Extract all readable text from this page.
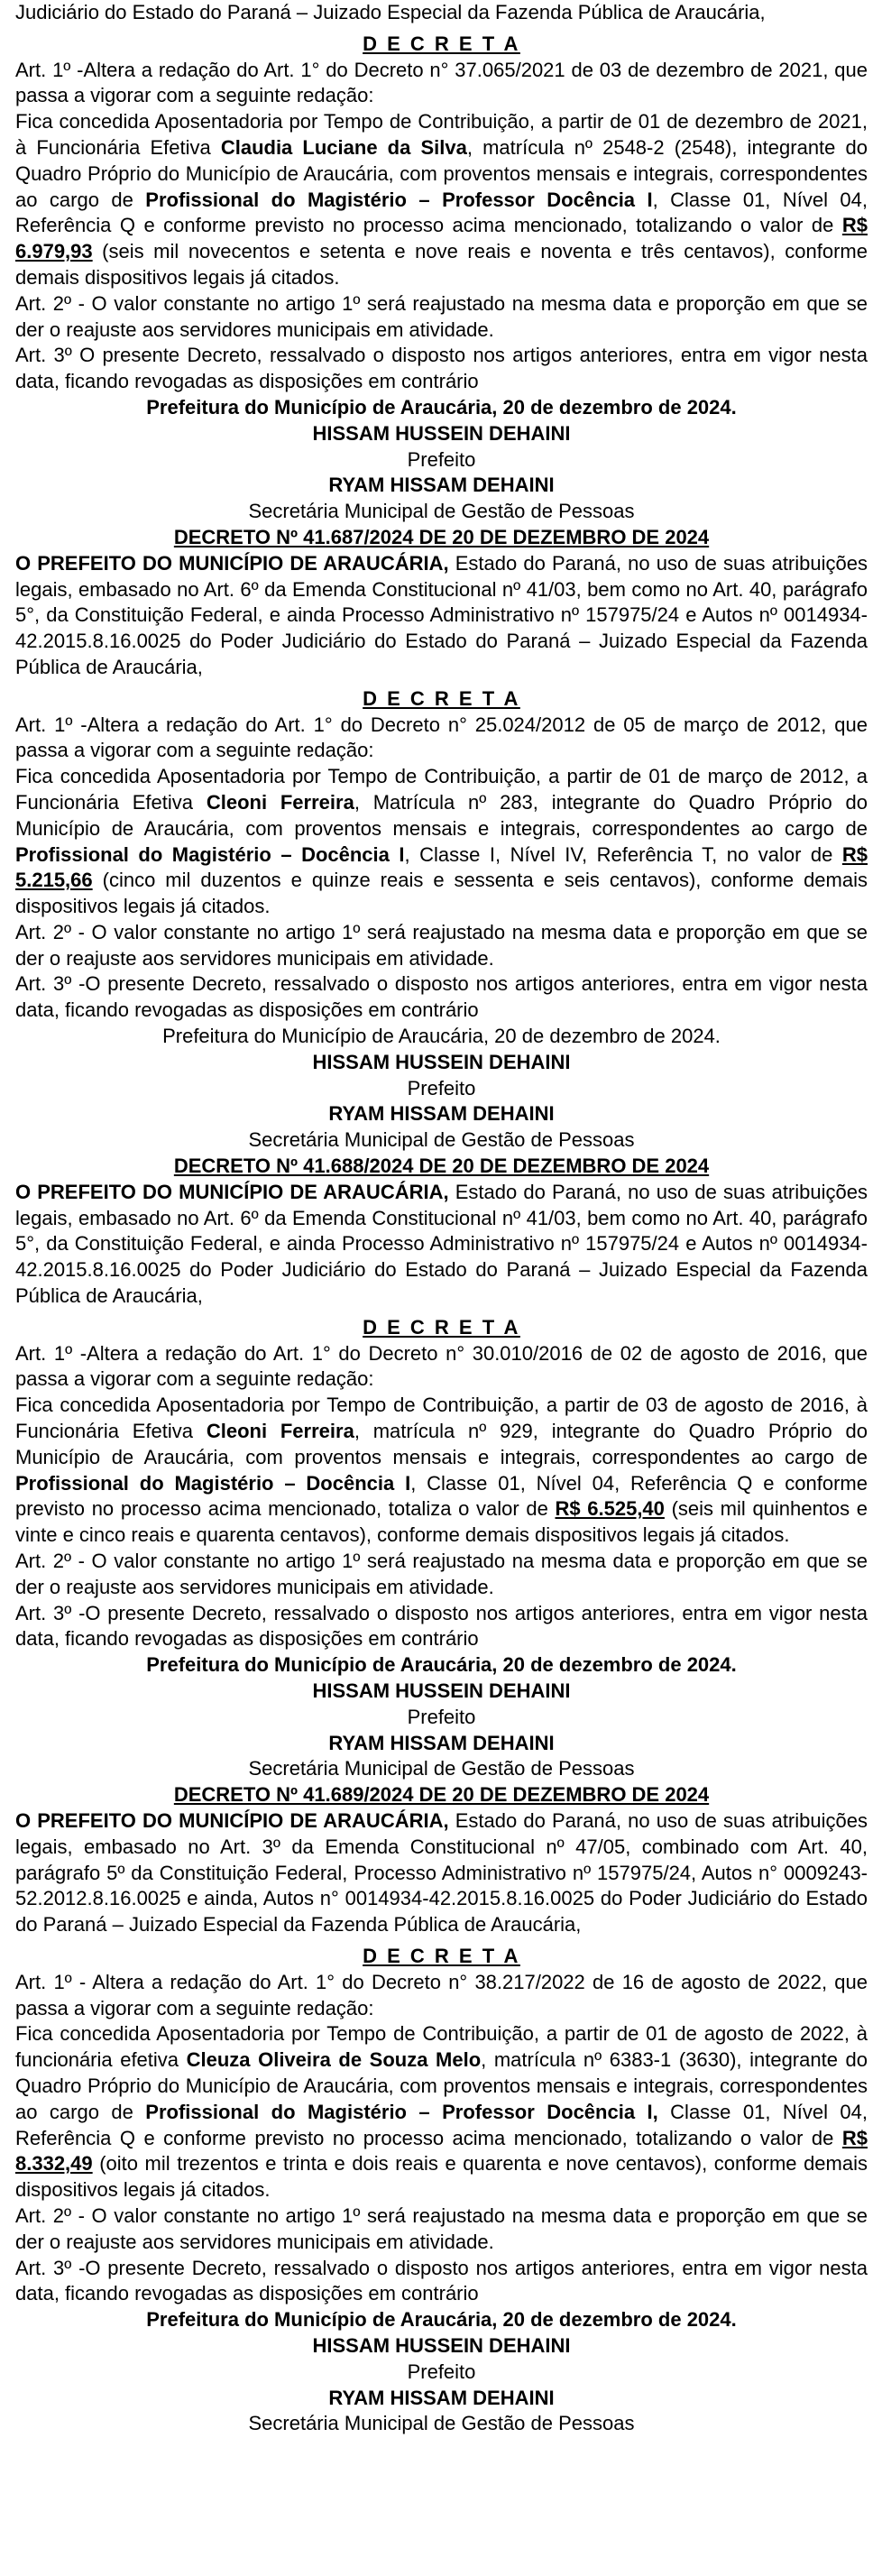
Judiciário do Estado do Paraná – Juizado Especial da Fazenda Pública de Araucária,

D E C R E T A

Art. 1º -Altera a redação do Art. 1° do Decreto n° 37.065/2021 de 03 de dezembro de 2021, que passa a vigorar com a seguinte redação:

Fica concedida Aposentadoria por Tempo de Contribuição, a partir de 01 de dezembro de 2021, à Funcionária Efetiva Claudia Luciane da Silva, matrícula nº 2548-2 (2548), integrante do Quadro Próprio do Município de Araucária, com proventos mensais e integrais, correspondentes ao cargo de Profissional do Magistério – Professor Docência I, Classe 01, Nível 04, Referência Q e conforme previsto no processo acima mencionado, totalizando o valor de R$ 6.979,93 (seis mil novecentos e setenta e nove reais e noventa e três centavos), conforme demais dispositivos legais já citados.

Art. 2º - O valor constante no artigo 1º será reajustado na mesma data e proporção em que se der o reajuste aos servidores municipais em atividade.

Art. 3º O presente Decreto, ressalvado o disposto nos artigos anteriores, entra em vigor nesta data, ficando revogadas as disposições em contrário

Prefeitura do Município de Araucária, 20 de dezembro de 2024.

HISSAM HUSSEIN DEHAINI

Prefeito

RYAM HISSAM DEHAINI

Secretária Municipal de Gestão de Pessoas

DECRETO Nº 41.687/2024 DE 20 DE DEZEMBRO DE 2024

O PREFEITO DO MUNICÍPIO DE ARAUCÁRIA, Estado do Paraná, no uso de suas atribuições legais, embasado no Art. 6º da Emenda Constitucional nº 41/03, bem como no Art. 40, parágrafo 5°, da Constituição Federal, e ainda Processo Administrativo nº 157975/24 e Autos nº 0014934-42.2015.8.16.0025 do Poder Judiciário do Estado do Paraná – Juizado Especial da Fazenda Pública de Araucária,

D E C R E T A

Art. 1º -Altera a redação do Art. 1° do Decreto n° 25.024/2012 de 05 de março de 2012, que passa a vigorar com a seguinte redação:

Fica concedida Aposentadoria por Tempo de Contribuição, a partir de 01 de março de 2012, a Funcionária Efetiva Cleoni Ferreira, Matrícula nº 283, integrante do Quadro Próprio do Município de Araucária, com proventos mensais e integrais, correspondentes ao cargo de Profissional do Magistério – Docência I, Classe I, Nível IV, Referência T, no valor de R$ 5.215,66 (cinco mil duzentos e quinze reais e sessenta e seis centavos), conforme demais dispositivos legais já citados.

Art. 2º - O valor constante no artigo 1º será reajustado na mesma data e proporção em que se der o reajuste aos servidores municipais em atividade.

Art. 3º -O presente Decreto, ressalvado o disposto nos artigos anteriores, entra em vigor nesta data, ficando revogadas as disposições em contrário

Prefeitura do Município de Araucária, 20 de dezembro de 2024.

HISSAM HUSSEIN DEHAINI

Prefeito

RYAM HISSAM DEHAINI

Secretária Municipal de Gestão de Pessoas

DECRETO Nº 41.688/2024 DE 20 DE DEZEMBRO DE 2024

O PREFEITO DO MUNICÍPIO DE ARAUCÁRIA, Estado do Paraná, no uso de suas atribuições legais, embasado no Art. 6º da Emenda Constitucional nº 41/03, bem como no Art. 40, parágrafo 5°, da Constituição Federal, e ainda Processo Administrativo nº 157975/24 e Autos nº 0014934-42.2015.8.16.0025 do Poder Judiciário do Estado do Paraná – Juizado Especial da Fazenda Pública de Araucária,

D E C R E T A

Art. 1º -Altera a redação do Art. 1° do Decreto n° 30.010/2016 de 02 de agosto de 2016, que passa a vigorar com a seguinte redação:

Fica concedida Aposentadoria por Tempo de Contribuição, a partir de 03 de agosto de 2016, à Funcionária Efetiva Cleoni Ferreira, matrícula nº 929, integrante do Quadro Próprio do Município de Araucária, com proventos mensais e integrais, correspondentes ao cargo de Profissional do Magistério – Docência I, Classe 01, Nível 04, Referência Q e conforme previsto no processo acima mencionado, totaliza o valor de R$ 6.525,40 (seis mil quinhentos e vinte e cinco reais e quarenta centavos), conforme demais dispositivos legais já citados.

Art. 2º - O valor constante no artigo 1º será reajustado na mesma data e proporção em que se der o reajuste aos servidores municipais em atividade.

Art. 3º -O presente Decreto, ressalvado o disposto nos artigos anteriores, entra em vigor nesta data, ficando revogadas as disposições em contrário

Prefeitura do Município de Araucária, 20 de dezembro de 2024.

HISSAM HUSSEIN DEHAINI

Prefeito

RYAM HISSAM DEHAINI

Secretária Municipal de Gestão de Pessoas

DECRETO Nº 41.689/2024 DE 20 DE DEZEMBRO DE 2024

O PREFEITO DO MUNICÍPIO DE ARAUCÁRIA, Estado do Paraná, no uso de suas atribuições legais, embasado no Art. 3º da Emenda Constitucional nº 47/05, combinado com Art. 40, parágrafo 5º da Constituição Federal, Processo Administrativo nº 157975/24, Autos n° 0009243-52.2012.8.16.0025 e ainda, Autos n° 0014934-42.2015.8.16.0025 do Poder Judiciário do Estado do Paraná – Juizado Especial da Fazenda Pública de Araucária,

D E C R E T A

Art. 1º - Altera a redação do Art. 1° do Decreto n° 38.217/2022 de 16 de agosto de 2022, que passa a vigorar com a seguinte redação:

Fica concedida Aposentadoria por Tempo de Contribuição, a partir de 01 de agosto de 2022, à funcionária efetiva Cleuza Oliveira de Souza Melo, matrícula nº 6383-1 (3630), integrante do Quadro Próprio do Município de Araucária, com proventos mensais e integrais, correspondentes ao cargo de Profissional do Magistério – Professor Docência I, Classe 01, Nível 04, Referência Q e conforme previsto no processo acima mencionado, totalizando o valor de R$ 8.332,49 (oito mil trezentos e trinta e dois reais e quarenta e nove centavos), conforme demais dispositivos legais já citados.

Art. 2º - O valor constante no artigo 1º será reajustado na mesma data e proporção em que se der o reajuste aos servidores municipais em atividade.

Art. 3º -O presente Decreto, ressalvado o disposto nos artigos anteriores, entra em vigor nesta data, ficando revogadas as disposições em contrário

Prefeitura do Município de Araucária, 20 de dezembro de 2024.

HISSAM HUSSEIN DEHAINI

Prefeito

RYAM HISSAM DEHAINI

Secretária Municipal de Gestão de Pessoas
